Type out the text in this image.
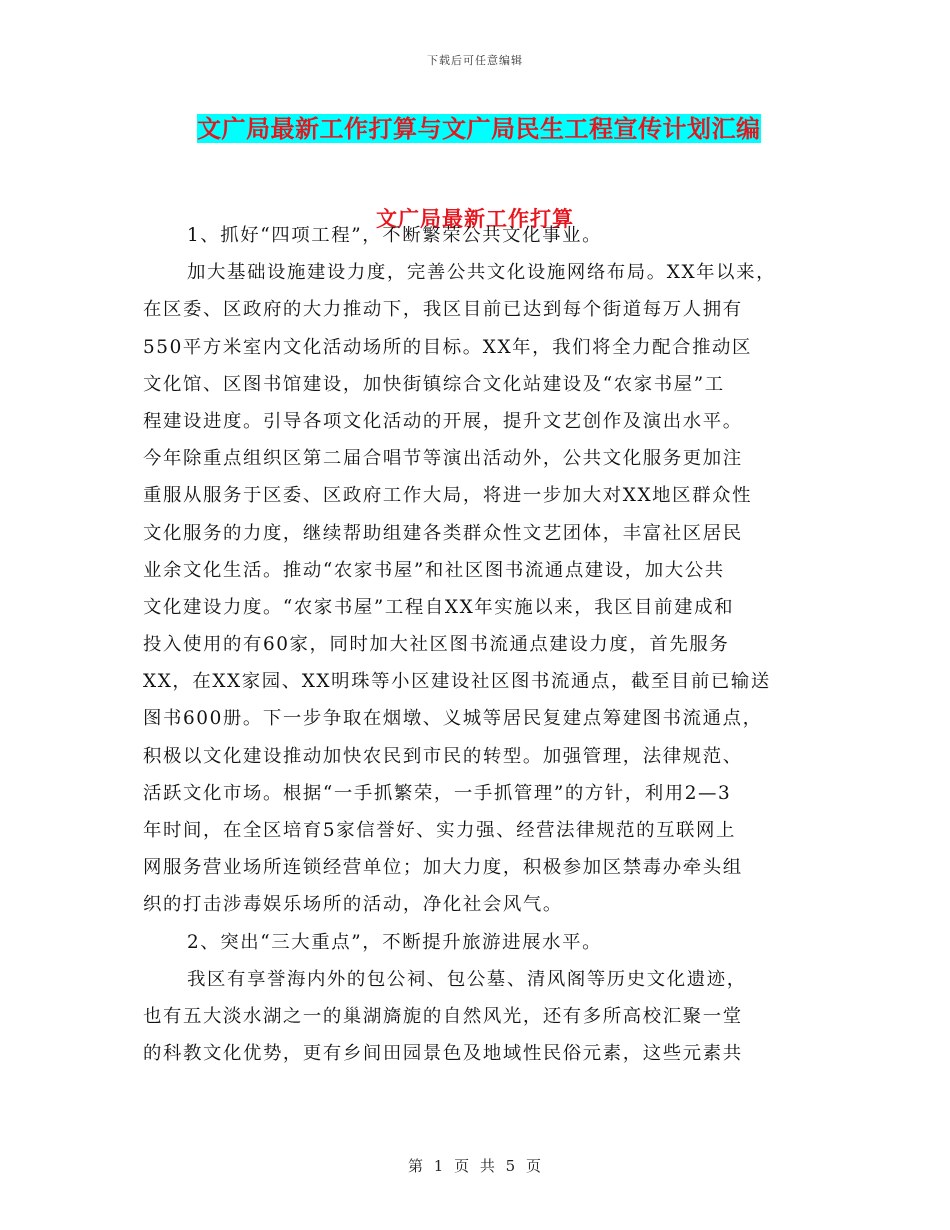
下载后可任意编辑
文广局最新工作打算与文广局民生工程宣传计划汇编
文广局最新工作打算
1、抓好“四项工程”，不断繁荣公共文化事业。
加大基础设施建设力度，完善公共文化设施网络布局。XX年以来，
在区委、区政府的大力推动下，我区目前已达到每个街道每万人拥有
550平方米室内文化活动场所的目标。XX年，我们将全力配合推动区
文化馆、区图书馆建设，加快街镇综合文化站建设及“农家书屋”工
程建设进度。引导各项文化活动的开展，提升文艺创作及演出水平。
今年除重点组织区第二届合唱节等演出活动外，公共文化服务更加注
重服从服务于区委、区政府工作大局，将进一步加大对XX地区群众性
文化服务的力度，继续帮助组建各类群众性文艺团体，丰富社区居民
业余文化生活。推动“农家书屋”和社区图书流通点建设，加大公共
文化建设力度。“农家书屋”工程自XX年实施以来，我区目前建成和
投入使用的有60家，同时加大社区图书流通点建设力度，首先服务
XX，在XX家园、XX明珠等小区建设社区图书流通点，截至目前已输送
图书600册。下一步争取在烟墩、义城等居民复建点筹建图书流通点，
积极以文化建设推动加快农民到市民的转型。加强管理，法律规范、
活跃文化市场。根据“一手抓繁荣，一手抓管理”的方针，利用2—3
年时间，在全区培育5家信誉好、实力强、经营法律规范的互联网上
网服务营业场所连锁经营单位；加大力度，积极参加区禁毒办牵头组
织的打击涉毒娱乐场所的活动，净化社会风气。
2、突出“三大重点”，不断提升旅游进展水平。
我区有享誉海内外的包公祠、包公墓、清风阁等历史文化遗迹，
也有五大淡水湖之一的巢湖旖旎的自然风光，还有多所高校汇聚一堂
的科教文化优势，更有乡间田园景色及地域性民俗元素，这些元素共
第 1 页 共 5 页
